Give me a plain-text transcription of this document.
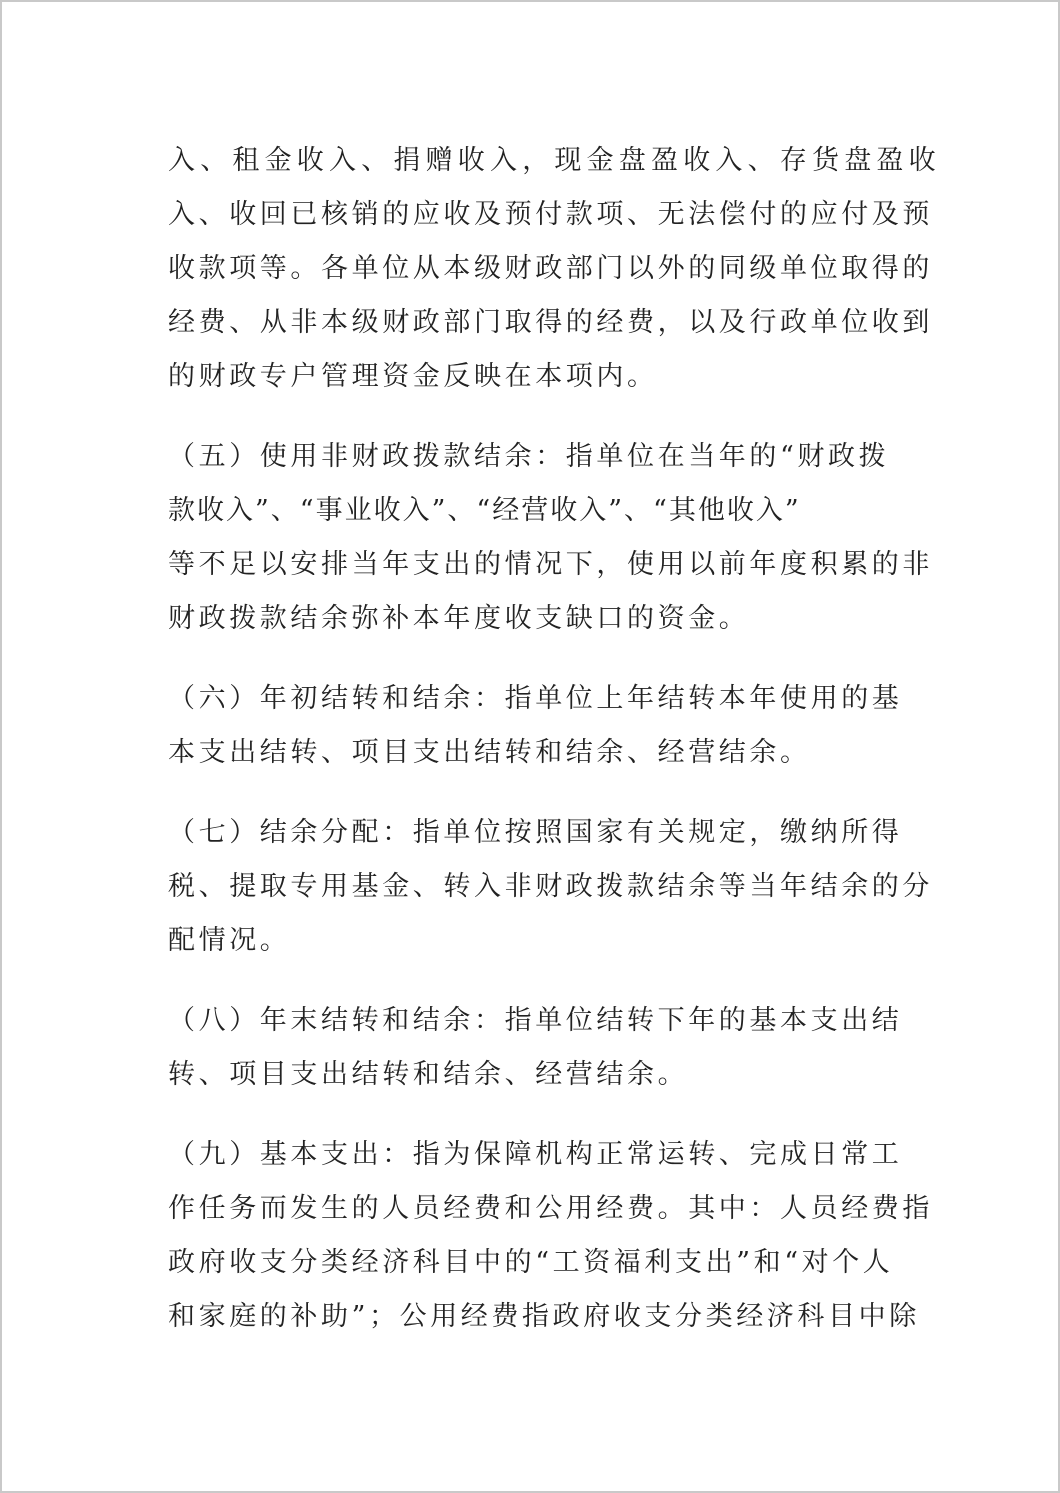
入、租金收入、捐赠收入，现金盘盈收入、存货盘盈收
入、收回已核销的应收及预付款项、无法偿付的应付及预
收款项等。各单位从本级财政部门以外的同级单位取得的
经费、从非本级财政部门取得的经费，以及行政单位收到
的财政专户管理资金反映在本项内。
（五）使用非财政拨款结余：指单位在当年的“财政拨
款收入”、“事业收入”、“经营收入”、“其他收入”
等不足以安排当年支出的情况下，使用以前年度积累的非
财政拨款结余弥补本年度收支缺口的资金。
（六）年初结转和结余：指单位上年结转本年使用的基
本支出结转、项目支出结转和结余、经营结余。
（七）结余分配：指单位按照国家有关规定，缴纳所得
税、提取专用基金、转入非财政拨款结余等当年结余的分
配情况。
（八）年末结转和结余：指单位结转下年的基本支出结
转、项目支出结转和结余、经营结余。
（九）基本支出：指为保障机构正常运转、完成日常工
作任务而发生的人员经费和公用经费。其中：人员经费指
政府收支分类经济科目中的“工资福利支出”和“对个人
和家庭的补助”；公用经费指政府收支分类经济科目中除
